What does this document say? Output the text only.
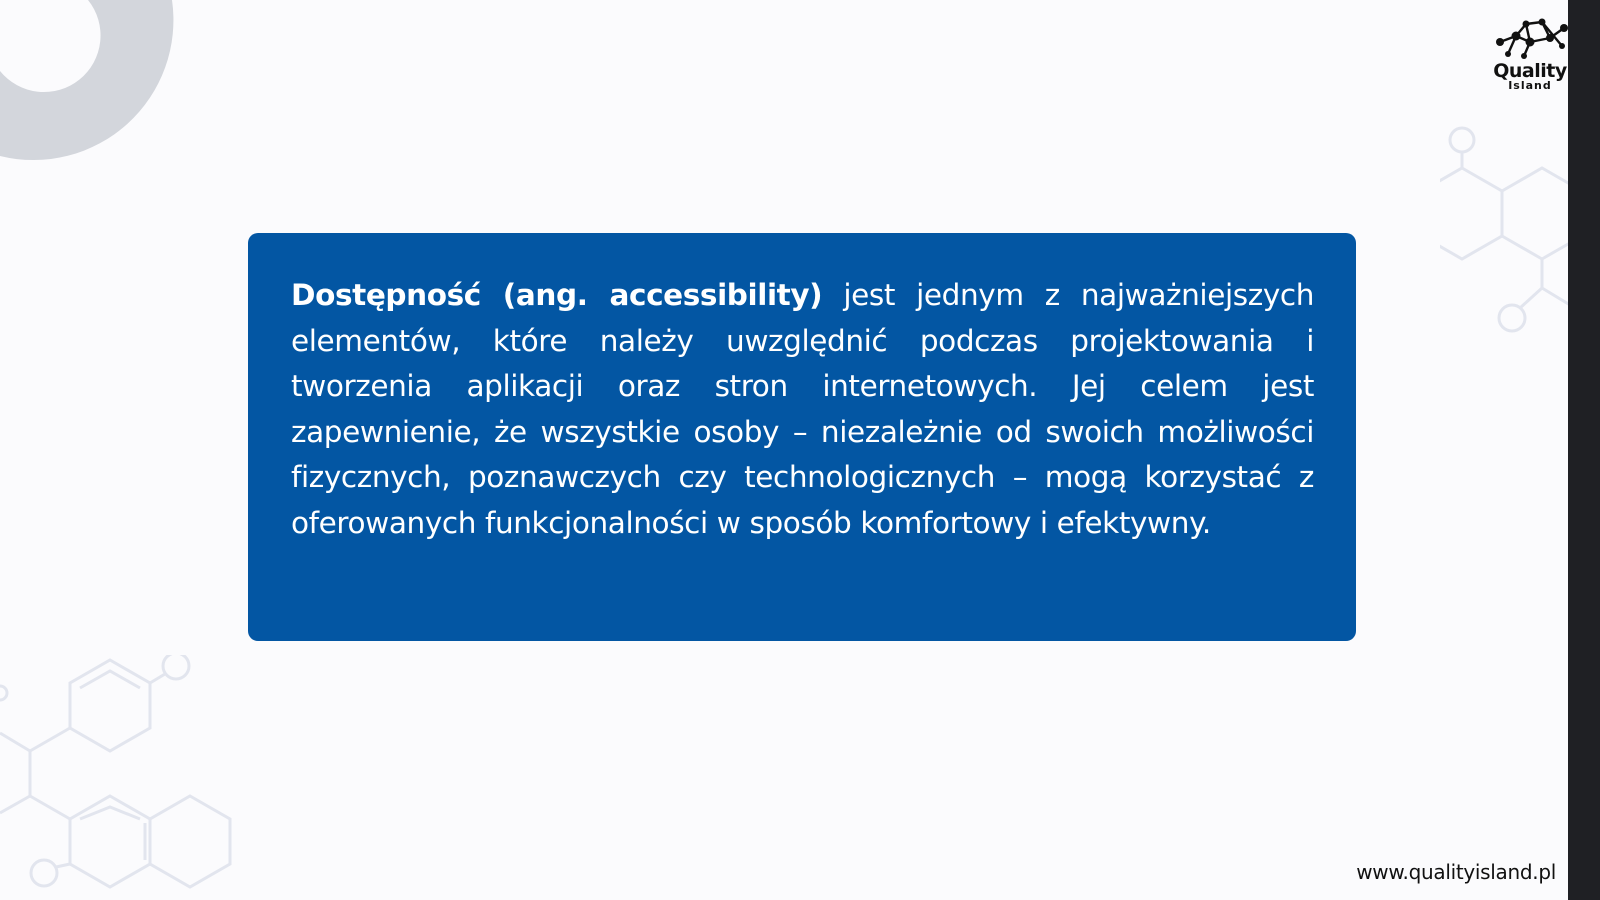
Quality
Island

Dostępność (ang. accessibility) jest jednym z najważniejszych elementów, które należy uwzględnić podczas projektowania i tworzenia aplikacji oraz stron internetowych. Jej celem jest zapewnienie, że wszystkie osoby – niezależnie od swoich możliwości fizycznych, poznawczych czy technologicznych – mogą korzystać z oferowanych funkcjonalności w sposób komfortowy i efektywny.

www.qualityisland.pl
